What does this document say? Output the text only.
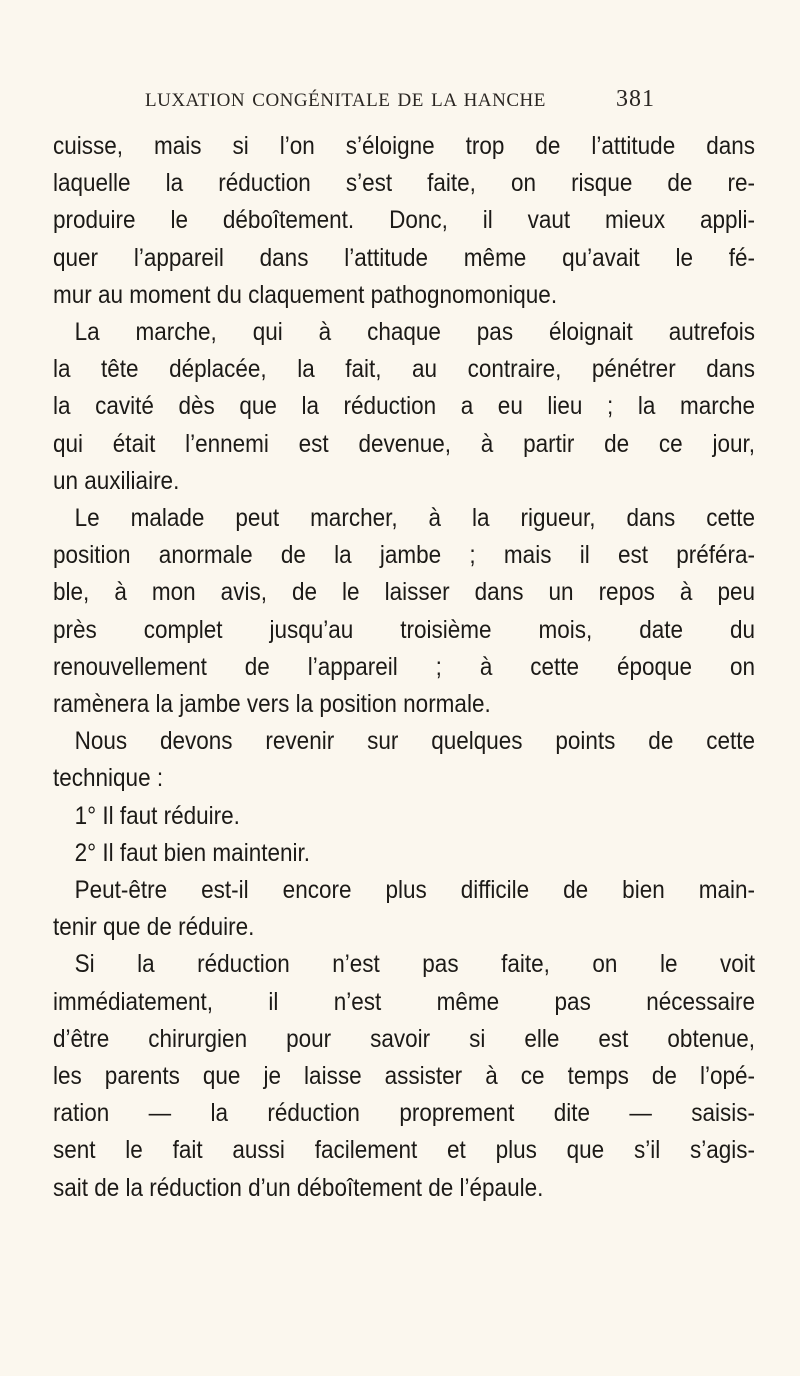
LUXATION CONGÉNITALE DE LA HANCHE	381
cuisse, mais si l’on s’éloigne trop de l’attitude dans
laquelle la réduction s’est faite, on risque de re-
produire le déboîtement. Donc, il vaut mieux appli-
quer l’appareil dans l’attitude même qu’avait le fé-
mur au moment du claquement pathognomonique.
La marche, qui à chaque pas éloignait autrefois
la tête déplacée, la fait, au contraire, pénétrer dans
la cavité dès que la réduction a eu lieu ; la marche
qui était l’ennemi est devenue, à partir de ce jour,
un auxiliaire.
Le malade peut marcher, à la rigueur, dans cette
position anormale de la jambe ; mais il est préféra-
ble, à mon avis, de le laisser dans un repos à peu
près complet jusqu’au troisième mois, date du
renouvellement de l’appareil ; à cette époque on
ramènera la jambe vers la position normale.
Nous devons revenir sur quelques points de cette
technique :
1° Il faut réduire.
2° Il faut bien maintenir.
Peut-être est-il encore plus difficile de bien main-
tenir que de réduire.
Si la réduction n’est pas faite, on le voit
immédiatement, il n’est même pas nécessaire
d’être chirurgien pour savoir si elle est obtenue,
les parents que je laisse assister à ce temps de l’opé-
ration — la réduction proprement dite — saisis-
sent le fait aussi facilement et plus que s’il s’agis-
sait de la réduction d’un déboîtement de l’épaule.
